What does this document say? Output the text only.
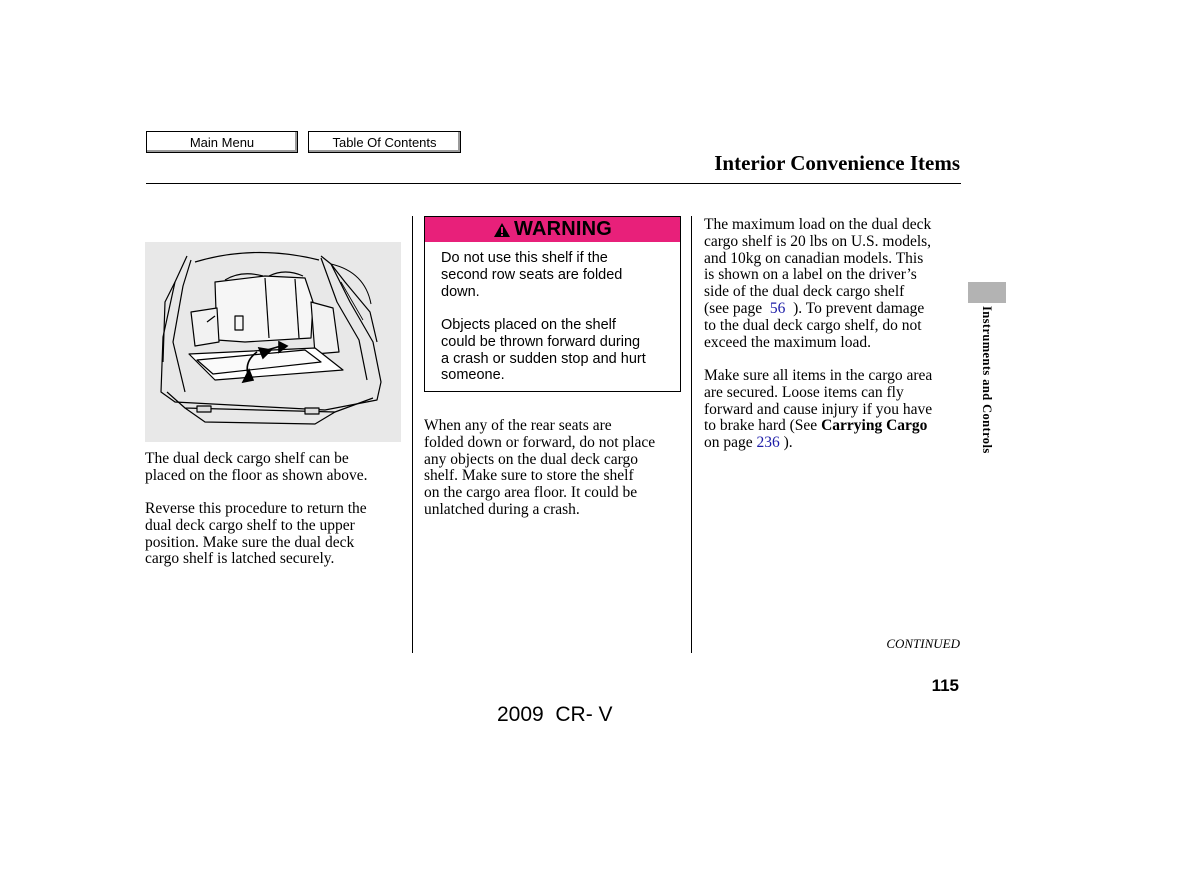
Main Menu	Table Of Contents
Interior Convenience Items

The dual deck cargo shelf can be
placed on the floor as shown above.

Reverse this procedure to return the
dual deck cargo shelf to the upper
position. Make sure the dual deck
cargo shelf is latched securely.

WARNING

Do not use this shelf if the
second row seats are folded
down.

Objects placed on the shelf
could be thrown forward during
a crash or sudden stop and hurt
someone.

When any of the rear seats are
folded down or forward, do not place
any objects on the dual deck cargo
shelf. Make sure to store the shelf
on the cargo area floor. It could be
unlatched during a crash.

The maximum load on the dual deck
cargo shelf is 20 lbs on U.S. models,
and 10kg on canadian models. This
is shown on a label on the driver’s
side of the dual deck cargo shelf
(see page 56 ). To prevent damage
to the dual deck cargo shelf, do not
exceed the maximum load.

Make sure all items in the cargo area
are secured. Loose items can fly
forward and cause injury if you have
to brake hard (See Carrying Cargo
on page 236 ).	Instruments and Controls
CONTINUED
115
2009  CR- V
